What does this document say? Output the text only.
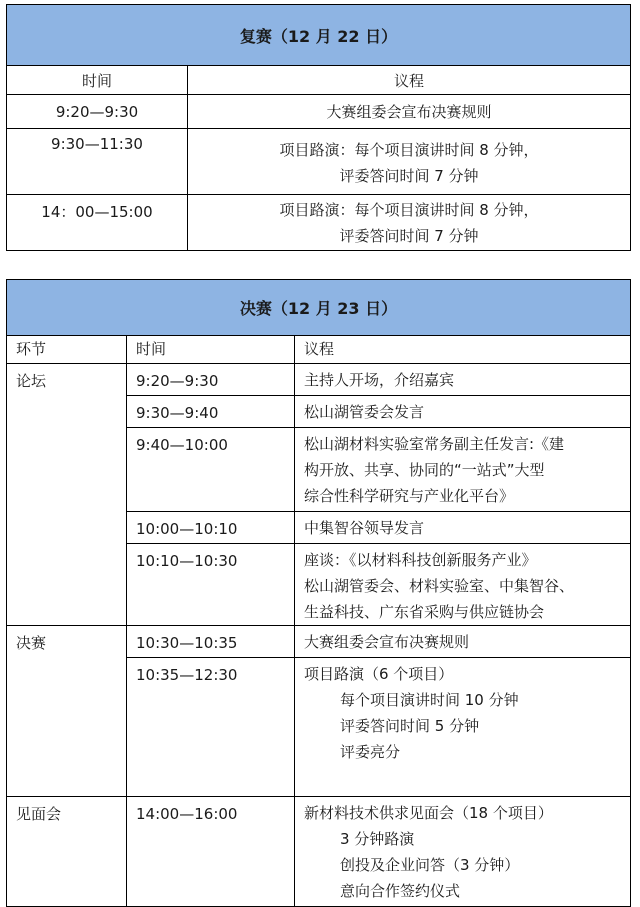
复赛（12 月 22 日）	
时间	议程
9:20—9:30	大赛组委会宣布决赛规则

9:30—11:30	项目路演：每个项目演讲时间 8 分钟，
评委答问时间 7 分钟

14：00—15:00	项目路演：每个项目演讲时间 8 分钟，
评委答问时间 7 分钟
决赛（12 月 23 日）		
环节	时间	议程
论坛	9:20—9:30	主持人开场，介绍嘉宾

	9:30—9:40	松山湖管委会发言

	9:40—10:00	松山湖材料实验室常务副主任发言:《建
构开放、共享、协同的“一站式”大型
综合性科学研究与产业化平台》

	10:00—10:10	中集智谷领导发言

	10:10—10:30	座谈：《以材料科技创新服务产业》
松山湖管委会、材料实验室、中集智谷、
生益科技、广东省采购与供应链协会

决赛	10:30—10:35	大赛组委会宣布决赛规则

	10:35—12:30	项目路演（6 个项目）
每个项目演讲时间 10 分钟
评委答问时间 5 分钟
评委亮分

见面会	14:00—16:00	新材料技术供求见面会（18 个项目）
3 分钟路演
创投及企业问答（3 分钟）
意向合作签约仪式
